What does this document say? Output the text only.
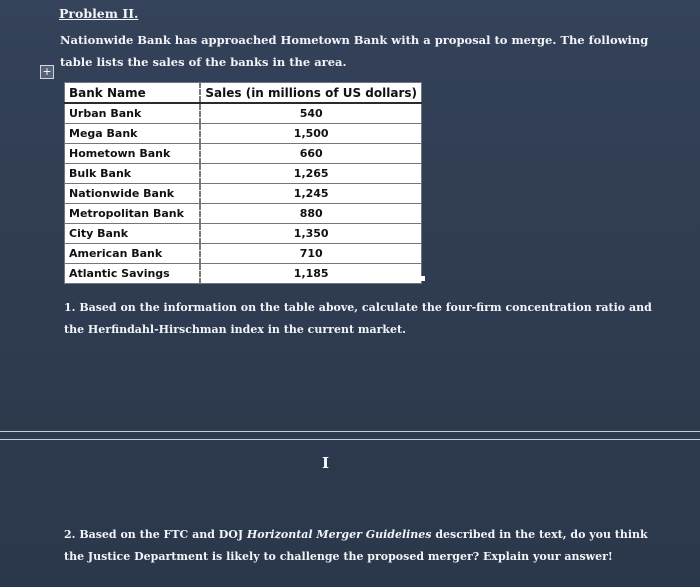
Problem II.
Nationwide Bank has approached Hometown Bank with a proposal to merge. The following table lists the sales of the banks in the area.
+
Bank Name	Sales (in millions of US dollars)
Urban Bank	540
Mega Bank	1,500
Hometown Bank	660
Bulk Bank	1,265
Nationwide Bank	1,245
Metropolitan Bank	880
City Bank	1,350
American Bank	710
Atlantic Savings	1,185
1. Based on the information on the table above, calculate the four-firm concentration ratio and the Herfindahl-Hirschman index in the current market.
I
2. Based on the FTC and DOJ Horizontal Merger Guidelines described in the text, do you think the Justice Department is likely to challenge the proposed merger? Explain your answer!
